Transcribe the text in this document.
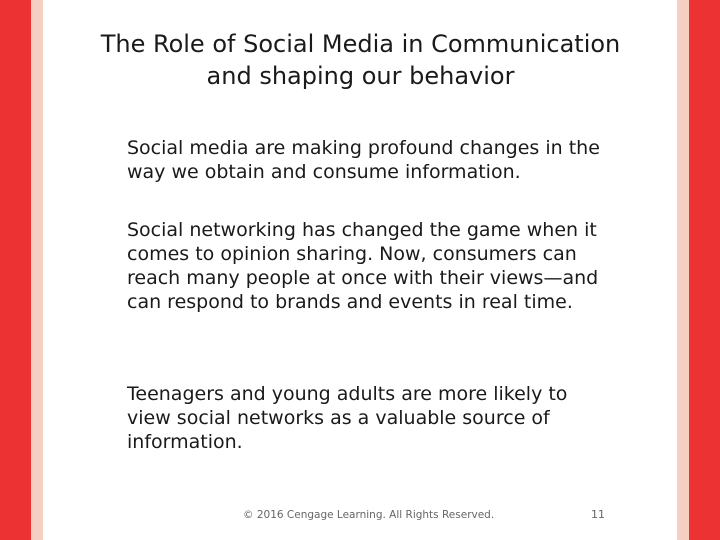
The Role of Social Media in Communication
and shaping our behavior
Social media are making profound changes in the way we obtain and consume information.
Social networking has changed the game when it comes to opinion sharing. Now, consumers can reach many people at once with their views—and can respond to brands and events in real time.
Teenagers and young adults are more likely to view social networks as a valuable source of information.
© 2016 Cengage Learning. All Rights Reserved.	11
